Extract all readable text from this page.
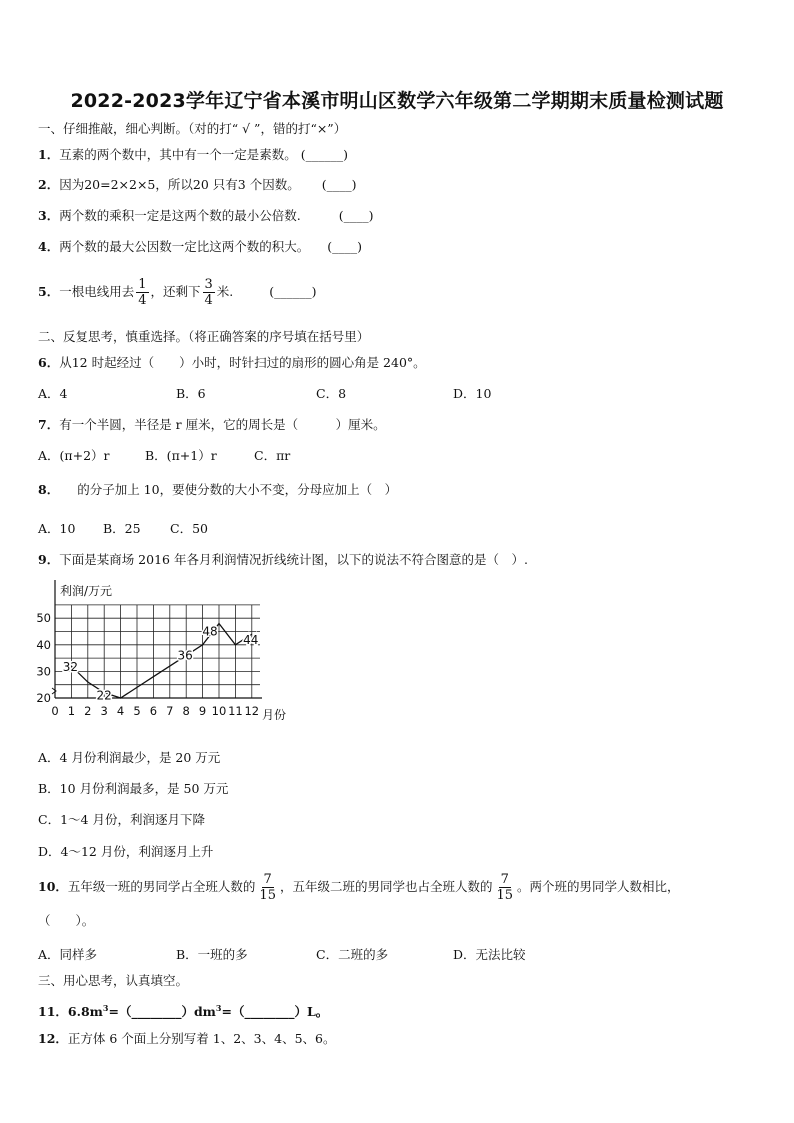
2022-2023学年辽宁省本溪市明山区数学六年级第二学期期末质量检测试题
一、仔细推敲，细心判断。（对的打“ √ ”，错的打“×”）
1．互素的两个数中，其中有一个一定是素数。 (______)
2．因为20=2×2×5，所以20 只有3 个因数。 (____)
3．两个数的乘积一定是这两个数的最小公倍数.	(____)
4．两个数的最大公因数一定比这两个数的积大。 (____)
5．一根电线用去 $\frac{1}{4}$ ，还剩下 $\frac{3}{4}$ 米.	(______)
二、反复思考，慎重选择。（将正确答案的序号填在括号里）
6．从12 时起经过（　　）小时，时针扫过的扇形的圆心角是 240°。
A．4	B．6	C．8	D．10
7．有一个半圆，半径是 r 厘米，它的周长是（　　　）厘米。
A．(π+2）r	B．(π+1）r	C．πr
8． 的分子加上 10，要使分数的大小不变，分母应加上（　）
A．10 B．25 C．50
9．下面是某商场 2016 年各月利润情况折线统计图，以下的说法不符合图意的是（　）.
利润/万元
20
30
40
50
0 1 2 3 4 5 6 7 8 9 10 11 12 月份
32
22
36
48
44
A．4 月份利润最少，是 20 万元
B．10 月份利润最多，是 50 万元
C．1～4 月份，利润逐月下降
D．4～12 月份，利润逐月上升
10．五年级一班的男同学占全班人数的 $\frac{7}{15}$ ，五年级二班的男同学也占全班人数的 $\frac{7}{15}$ 。两个班的男同学人数相比，
（　　）。
A．同样多	B．一班的多	C．二班的多	D．无法比较
三、用心思考，认真填空。
11．$6.8m^3=(\_\_\_\_\_\_\_\_)dm^3=(\_\_\_\_\_\_\_\_)L$。
12．正方体 6 个面上分别写着 1、2、3、4、5、6。
